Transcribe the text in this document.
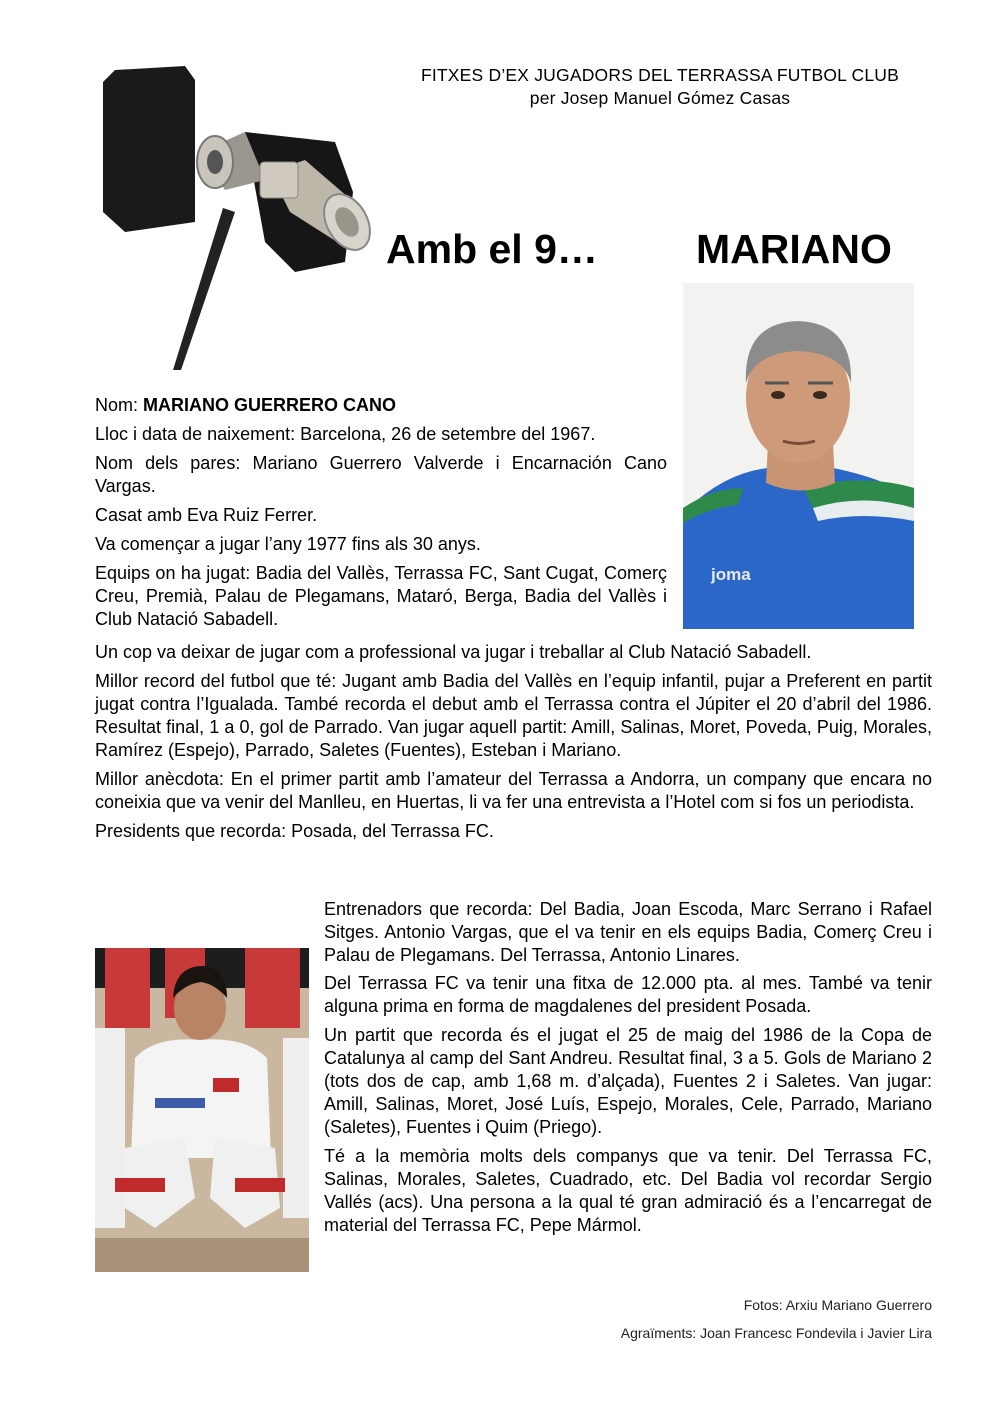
FITXES D’EX JUGADORS DEL TERRASSA FUTBOL CLUB
per Josep Manuel Gómez Casas
Amb el 9… MARIANO
joma

Nom: MARIANO GUERRERO CANO

Lloc i data de naixement: Barcelona, 26 de setembre del 1967.

Nom dels pares: Mariano Guerrero Valverde i Encarnación Cano Vargas.

Casat amb Eva Ruiz Ferrer.

Va començar a jugar l’any 1977 fins als 30 anys.

Equips on ha jugat: Badia del Vallès, Terrassa FC, Sant Cugat, Comerç Creu, Premià, Palau de Plegamans, Mataró, Berga, Badia del Vallès i Club Natació Sabadell.

Un cop va deixar de jugar com a professional va jugar i treballar al Club Natació Sabadell.

Millor record del futbol que té: Jugant amb Badia del Vallès en l’equip infantil, pujar a Preferent en partit jugat contra l’Igualada. També recorda el debut amb el Terrassa contra el Júpiter el 20 d’abril del 1986. Resultat final, 1 a 0, gol de Parrado. Van jugar aquell partit: Amill, Salinas, Moret, Poveda, Puig, Morales, Ramírez (Espejo), Parrado, Saletes (Fuentes), Esteban i Mariano.

Millor anècdota: En el primer partit amb l’amateur del Terrassa a Andorra, un company que encara no coneixia que va venir del Manlleu, en Huertas, li va fer una entrevista a l’Hotel com si fos un periodista.

Presidents que recorda: Posada, del Terrassa FC.

Entrenadors que recorda: Del Badia, Joan Escoda, Marc Serrano i Rafael Sitges. Antonio Vargas, que el va tenir en els equips Badia, Comerç Creu i Palau de Plegamans. Del Terrassa, Antonio Linares.

Del Terrassa FC va tenir una fitxa de 12.000 pta. al mes. També va tenir alguna prima en forma de magdalenes del president Posada.

Un partit que recorda és el jugat el 25 de maig del 1986 de la Copa de Catalunya al camp del Sant Andreu. Resultat final, 3 a 5. Gols de Mariano 2 (tots dos de cap, amb 1,68 m. d’alçada), Fuentes 2 i Saletes. Van jugar: Amill, Salinas, Moret, José Luís, Espejo, Morales, Cele, Parrado, Mariano (Saletes), Fuentes i Quim (Priego).

Té a la memòria molts dels companys que va tenir. Del Terrassa FC, Salinas, Morales, Saletes, Cuadrado, etc. Del Badia vol recordar Sergio Vallés (acs). Una persona a la qual té gran admiració és a l’encarregat de material del Terrassa FC, Pepe Mármol.

Fotos: Arxiu Mariano Guerrero
Agraïments: Joan Francesc Fondevila i Javier Lira
